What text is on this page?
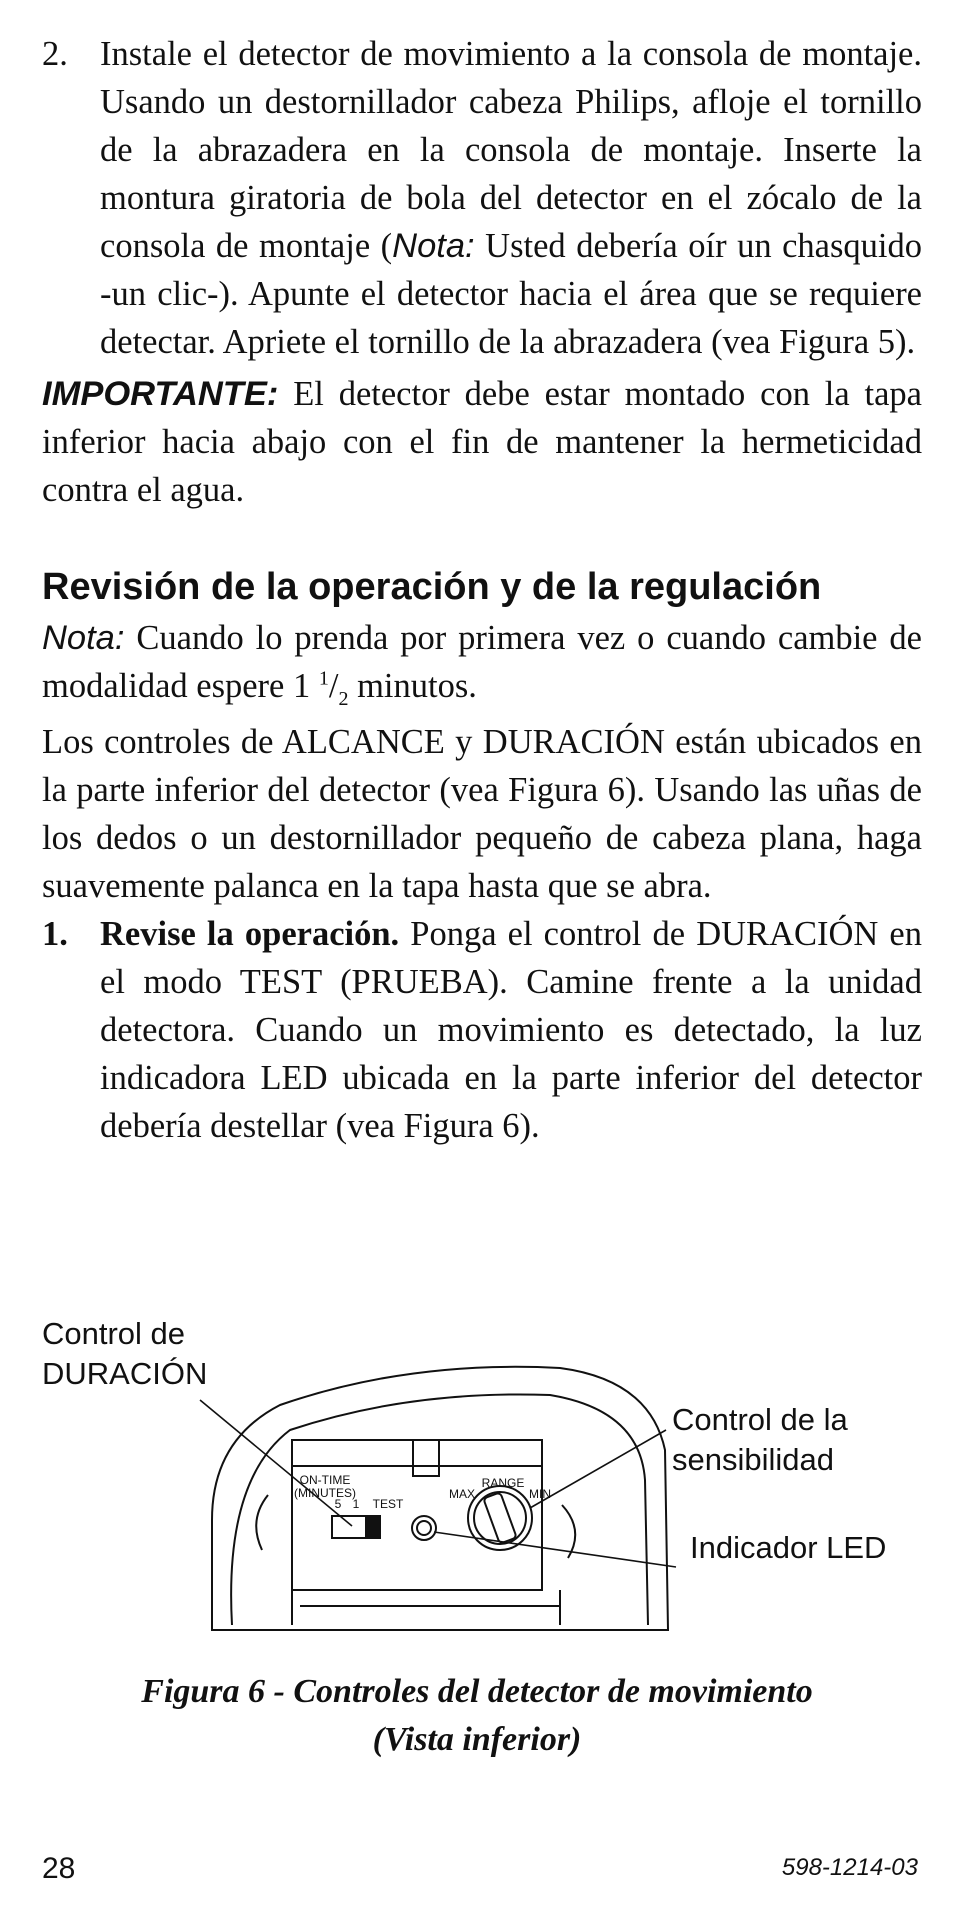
2. Instale el detector de movimiento a la consola de montaje. Usando un destornillador cabeza Philips, afloje el tornillo de la abrazadera en la consola de montaje. Inserte la montura giratoria de bola del detector en el zócalo de la consola de montaje (Nota: Usted debería oír un chasquido -un clic-). Apunte el detector hacia el área que se requiere detectar. Apriete el tornillo de la abrazadera (vea Figura 5).

IMPORTANTE: El detector debe estar montado con la tapa inferior hacia abajo con el fin de mantener la hermeticidad contra el agua.

Revisión de la operación y de la regulación

Nota: Cuando lo prenda por primera vez o cuando cambie de modalidad espere 1 $^1/_2$ minutos.

Los controles de ALCANCE y DURACIÓN están ubicados en la parte inferior del detector (vea Figura 6). Usando las uñas de los dedos o un destornillador pequeño de cabeza plana, haga suavemente palanca en la tapa hasta que se abra.

1. Revise la operación. Ponga el control de DURACIÓN en el modo TEST (PRUEBA). Camine frente a la unidad detectora. Cuando un movimiento es detectado, la luz indicadora LED ubicada en la parte inferior del detector debería destellar (vea Figura 6).

Control de
DURACIÓN
Control de la
sensibilidad
Indicador LED
ON-TIME
(MINUTES)
RANGE
MAX	MIN
5 1 TEST
Figura 6 - Controles del detector de movimiento
(Vista inferior)
28	598-1214-03
